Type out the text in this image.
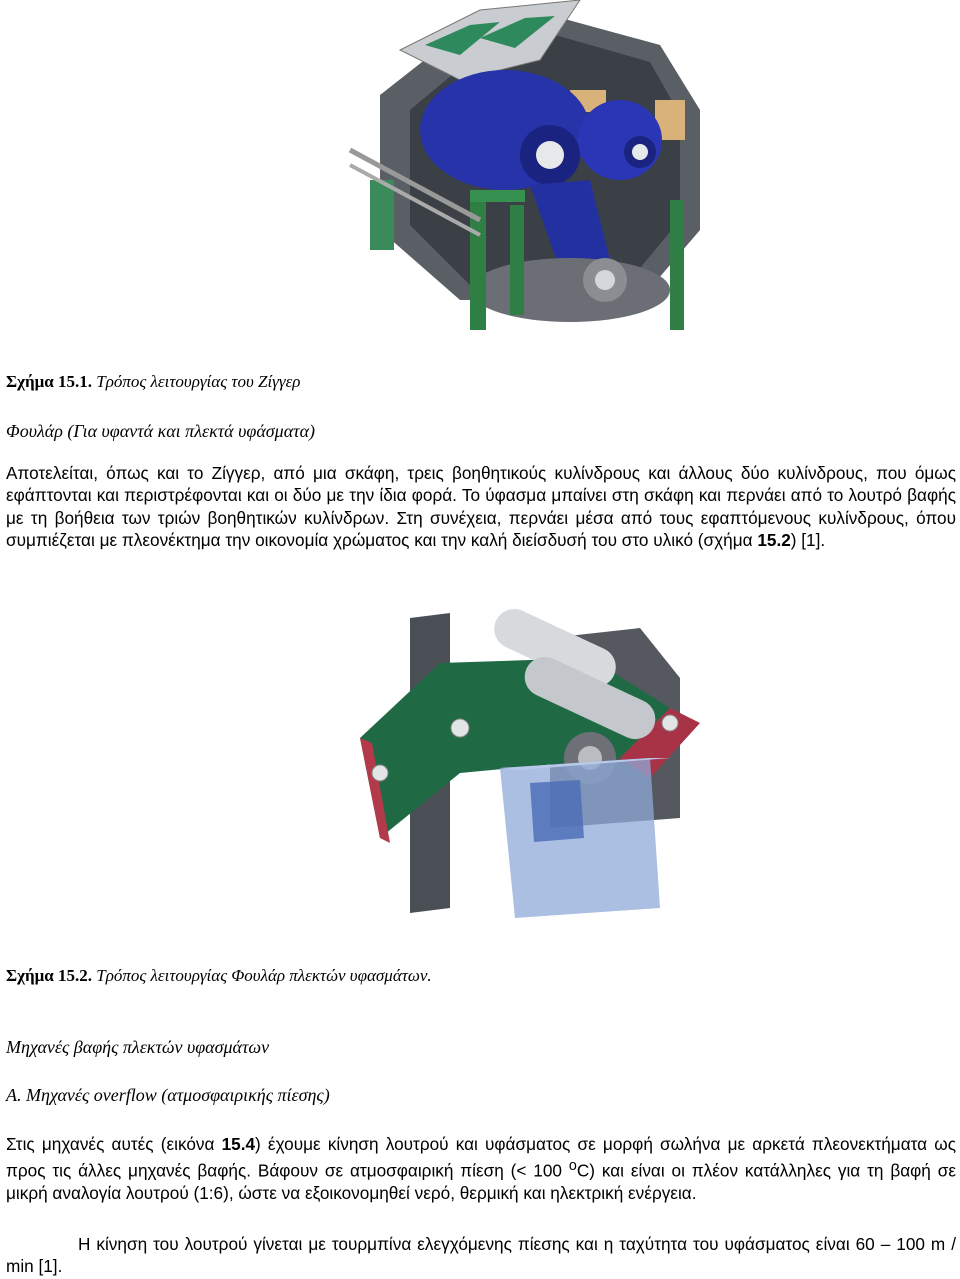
Σχήμα 15.1. Τρόπος λειτουργίας του Ζίγγερ
Φουλάρ (Για υφαντά και πλεκτά υφάσματα)
Αποτελείται, όπως και το Ζίγγερ, από μια σκάφη, τρεις βοηθητικούς κυλίνδρους και άλλους δύο κυλίνδρους, που όμως εφάπτονται και περιστρέφονται και οι δύο με την ίδια φορά. Το ύφασμα μπαίνει στη σκάφη και περνάει από το λουτρό βαφής με τη βοήθεια των τριών βοηθητικών κυλίνδρων. Στη συνέχεια, περνάει μέσα από τους εφαπτόμενους κυλίνδρους, όπου συμπιέζεται με πλεονέκτημα την οικονομία χρώματος και την καλή διείσδυσή του στο υλικό (σχήμα 15.2) [1].
Σχήμα 15.2. Τρόπος λειτουργίας Φουλάρ πλεκτών υφασμάτων.
Μηχανές βαφής πλεκτών υφασμάτων
Α. Μηχανές overflow (ατμοσφαιρικής πίεσης)
Στις μηχανές αυτές (εικόνα 15.4) έχουμε κίνηση λουτρού και υφάσματος σε μορφή σωλήνα με αρκετά πλεονεκτήματα ως προς τις άλλες μηχανές βαφής. Βάφουν σε ατμοσφαιρική πίεση (< 100 $^o$C) και είναι οι πλέον κατάλληλες για τη βαφή σε μικρή αναλογία λουτρού (1:6), ώστε να εξοικονομηθεί νερό, θερμική και ηλεκτρική ενέργεια.
Η κίνηση του λουτρού γίνεται με τουρμπίνα ελεγχόμενης πίεσης και η ταχύτητα του υφάσματος είναι 60 – 100 m / min [1].
